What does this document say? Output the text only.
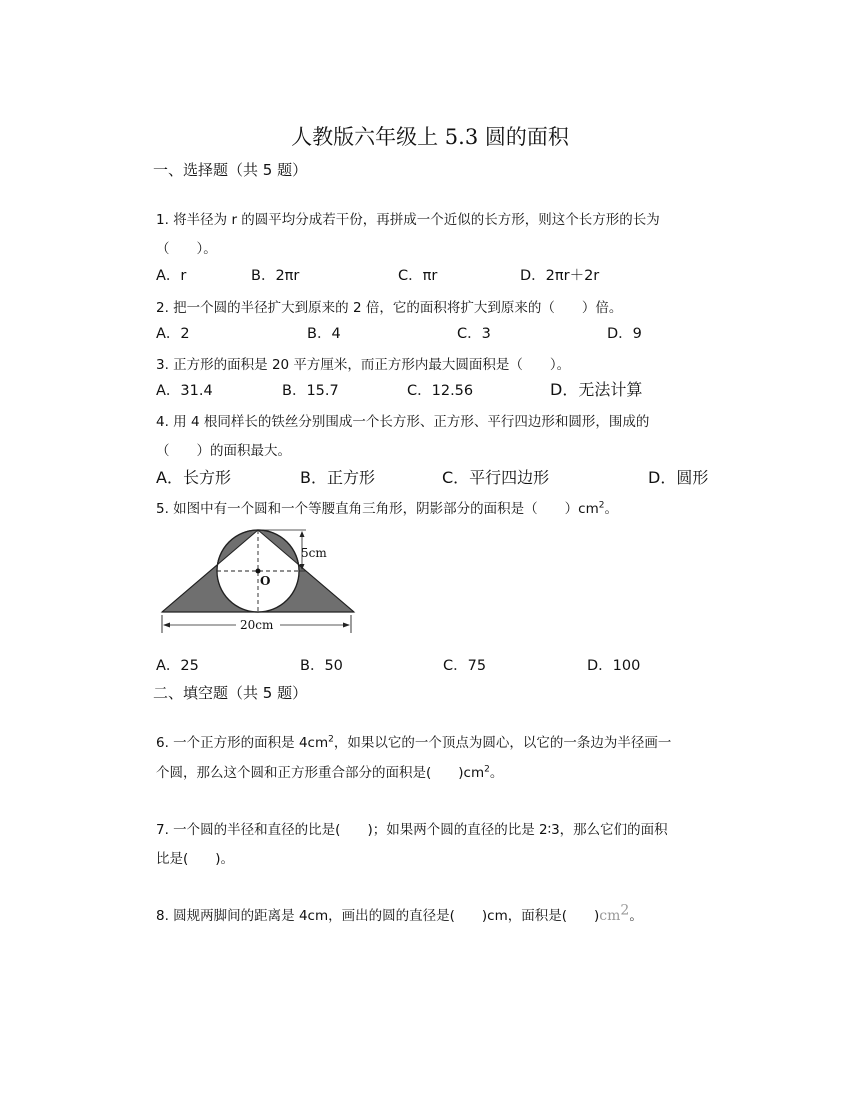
人教版六年级上 5.3 圆的面积
一、选择题（共 5 题）
1. 将半径为 r 的圆平均分成若干份，再拼成一个近似的长方形，则这个长方形的长为
（　　）。
A．r	B．2πr	C．πr	D．2πr＋2r
2. 把一个圆的半径扩大到原来的 2 倍，它的面积将扩大到原来的（　　）倍。
A．2	B．4	C．3	D．9
3. 正方形的面积是 20 平方厘米，而正方形内最大圆面积是（　　）。
A．31.4	B．15.7	C．12.56	D．无法计算
4. 用 4 根同样长的铁丝分别围成一个长方形、正方形、平行四边形和圆形，围成的
（　　）的面积最大。
A．长方形	B．正方形	C．平行四边形	D．圆形
5. 如图中有一个圆和一个等腰直角三角形，阴影部分的面积是（　　）$cm^2$。
O
5cm
20cm
A．25	B．50	C．75	D．100
二、填空题（共 5 题）
6. 一个正方形的面积是 $4cm^2$，如果以它的一个顶点为圆心，以它的一条边为半径画一
个圆，那么这个圆和正方形重合部分的面积是(　　)$cm^2$。
7. 一个圆的半径和直径的比是(　　)；如果两个圆的直径的比是 2∶3，那么它们的面积
比是(　　)。
8. 圆规两脚间的距离是 4cm，画出的圆的直径是(　　)cm，面积是(　　)$cm^2$。
